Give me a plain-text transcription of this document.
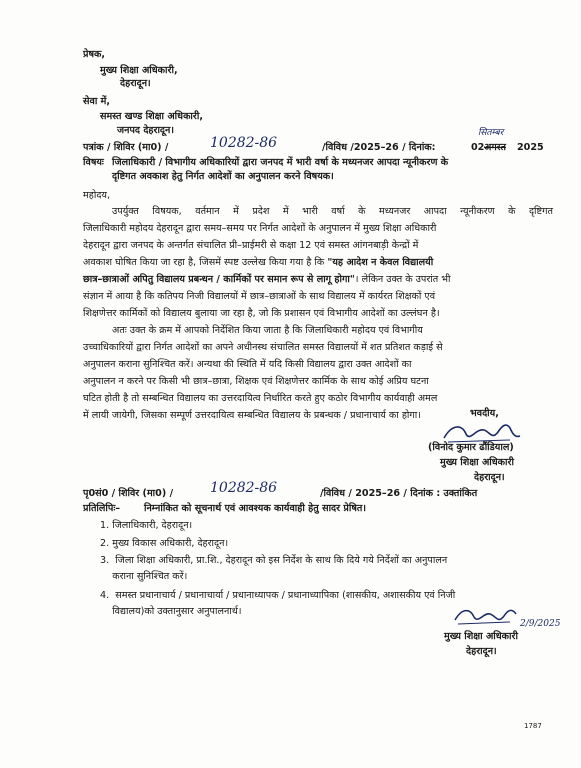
प्रेषक,
मुख्य शिक्षा अधिकारी,
देहरादून।
सेवा में,
समस्त खण्ड शिक्षा अधिकारी,
जनपद देहरादून।
पत्रांक / शिविर (मा0) /	10282-86	/विविध /2025–26 / दिनांक:	02 अगस्त
सितम्बर
2025
विषयः जिलाधिकारी / विभागीय अधिकारियों द्वारा जनपद में भारी वर्षा के मध्यनजर आपदा न्यूनीकरण के
दृष्टिगत अवकाश हेतु निर्गत आदेशों का अनुपालन करने विषयक।
महोदय,
उपर्युक्त विषयक, वर्तमान में प्रदेश में भारी वर्षा के मध्यनजर आपदा न्यूनीकरण के दृष्टिगत
जिलाधिकारी महोदय देहरादून द्वारा समय–समय पर निर्गत आदेशों के अनुपालन में मुख्य शिक्षा अधिकारी
देहरादून द्वारा जनपद के अन्तर्गत संचालित प्री–प्राईमरी से कक्षा 12 एवं समस्त आंगनबाड़ी केन्द्रों में
अवकाश घोषित किया जा रहा है, जिसमें स्पष्ट उल्लेख किया गया है कि "यह आदेश न केवल विद्यालयी
छात्र–छात्राओं अपितु विद्यालय प्रबन्धन / कार्मिकों पर समान रूप से लागू होगा"। लेकिन उक्त के उपरांत भी
संज्ञान में आया है कि कतिपय निजी विद्यालयों में छात्र–छात्राओं के साथ विद्यालय में कार्यरत शिक्षकों एवं
शिक्षणेत्तर कार्मिकों को विद्यालय बुलाया जा रहा है, जो कि प्रशासन एवं विभागीय आदेशों का उल्लंघन है।
अतः उक्त के क्रम में आपको निर्देशित किया जाता है कि जिलाधिकारी महोदय एवं विभागीय
उच्चाधिकारियों द्वारा निर्गत आदेशों का अपने अधीनस्थ संचालित समस्त विद्यालयों में शत प्रतिशत कड़ाई से
अनुपालन कराना सुनिश्चित करें। अन्यथा की स्थिति में यदि किसी विद्यालय द्वारा उक्त आदेशों का
अनुपालन न करने पर किसी भी छात्र–छात्रा, शिक्षक एवं शिक्षणेत्तर कार्मिक के साथ कोई अप्रिय घटना
घटित होती है तो सम्बन्धित विद्यालय का उत्तरदायित्व निर्धारित करते हुए कठोर विभागीय कार्यवाही अमल
में लायी जायेगी, जिसका सम्पूर्ण उत्तरदायित्व सम्बन्धित विद्यालय के प्रबन्धक / प्रधानाचार्य का होगा।	भवदीय,
(विनोद कुमार ढौंडियाल)
मुख्य शिक्षा अधिकारी
देहरादून।
पृ0सं0 / शिविर (मा0) /	10282-86	/विविध / 2025–26 / दिनांक : उक्तांकित
प्रतिलिपिः– निम्नांकित को सूचनार्थ एवं आवश्यक कार्यवाही हेतु सादर प्रेषित।
1. जिलाधिकारी, देहरादून।
2. मुख्य विकास अधिकारी, देहरादून।
3.  जिला शिक्षा अधिकारी, प्रा.शि., देहरादून को इस निर्देश के साथ कि दिये गये निर्देशों का अनुपालन
कराना सुनिश्चित करें।
4.  समस्त प्रधानाचार्य / प्रधानाचार्या / प्रधानाध्यापक / प्रधानाध्यापिका (शासकीय, अशासकीय एवं निजी
विद्यालय)को उक्तानुसार अनुपालनार्थ।
2/9/2025
मुख्य शिक्षा अधिकारी
देहरादून।
1787
